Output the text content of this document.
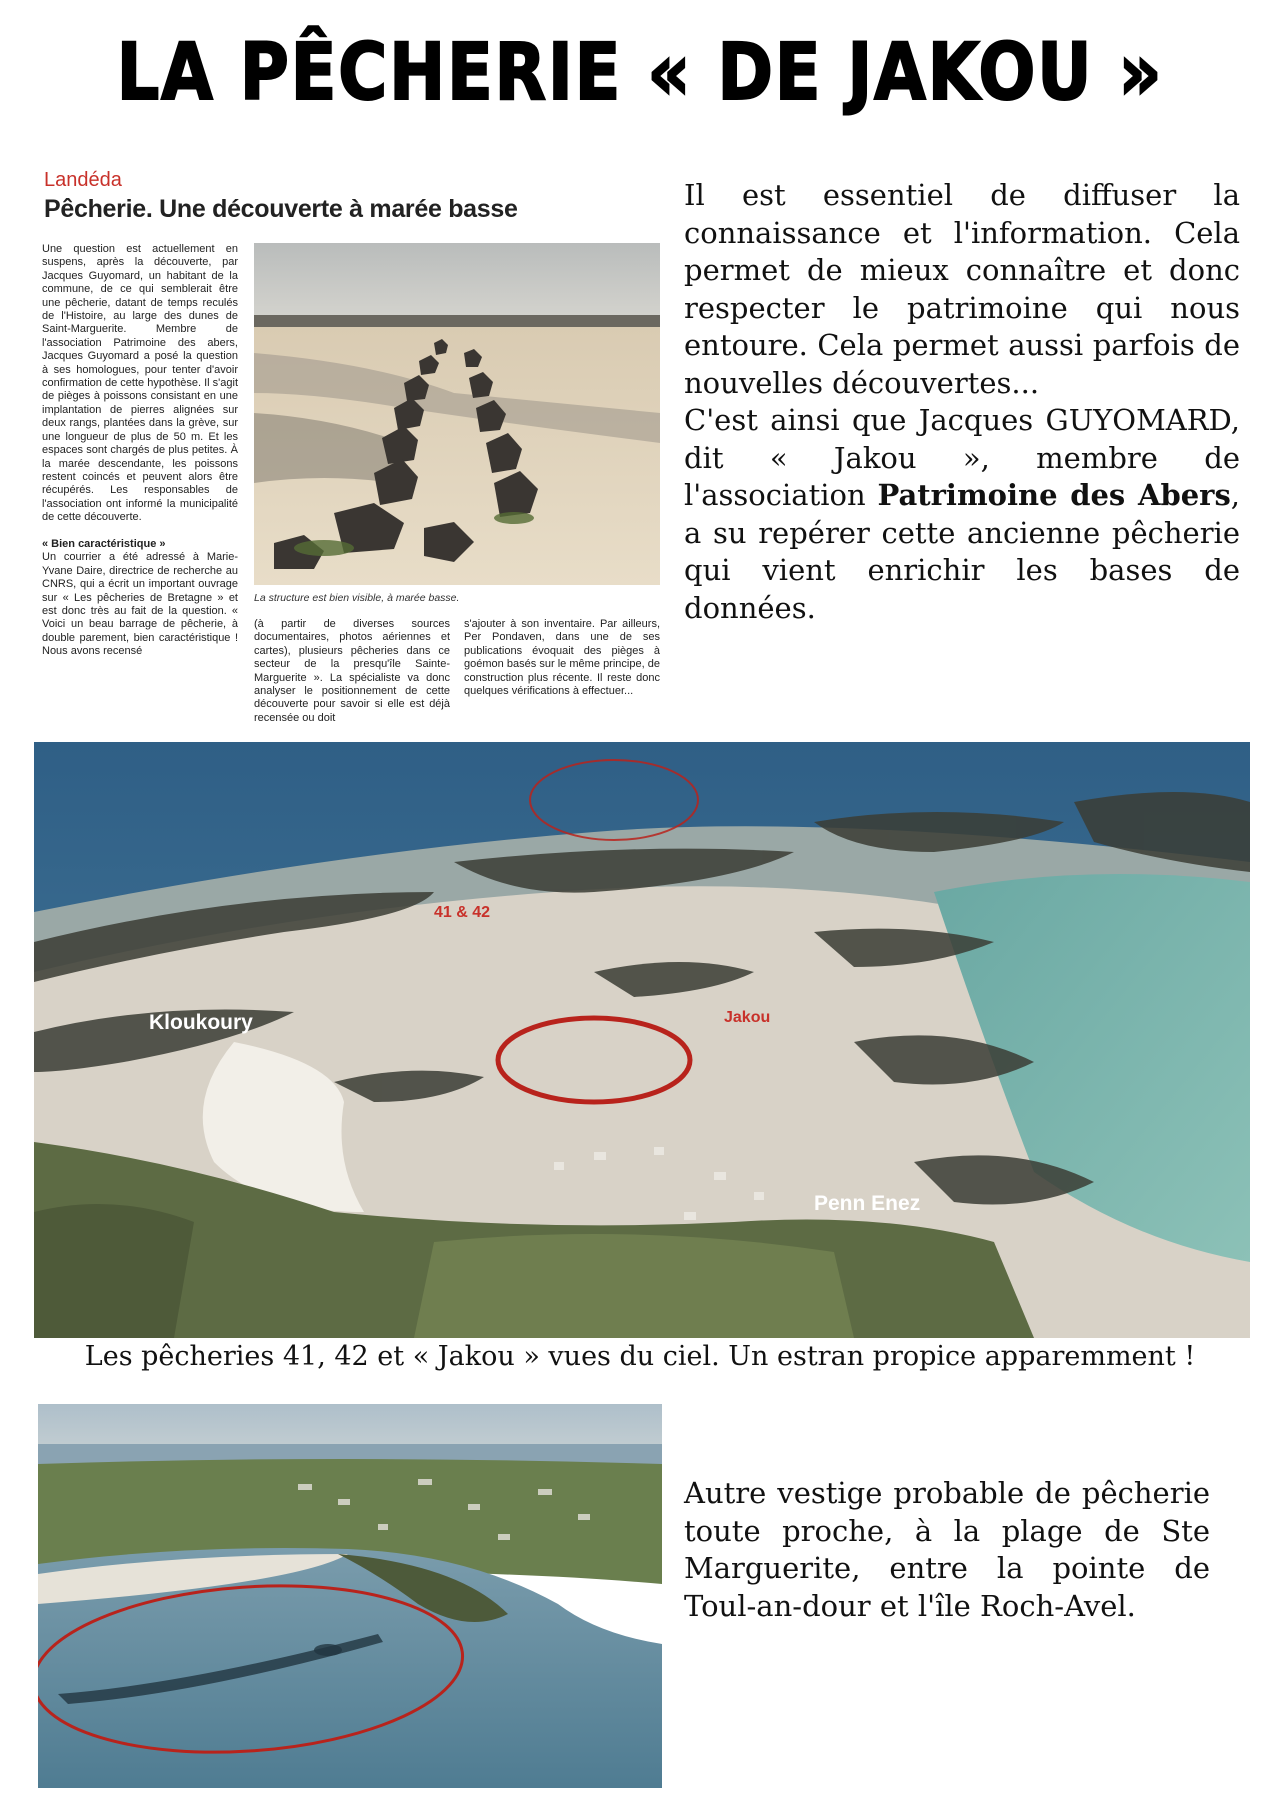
LA PÊCHERIE « DE JAKOU »
Landéda
Pêcherie. Une découverte à marée basse
Une question est actuellement en suspens, après la découverte, par Jacques Guyomard, un habitant de la commune, de ce qui semblerait être une pêcherie, datant de temps reculés de l'Histoire, au large des dunes de Saint-Marguerite. Membre de l'association Patrimoine des abers, Jacques Guyomard a posé la question à ses homologues, pour tenter d'avoir confirmation de cette hypothèse. Il s'agit de pièges à poissons consistant en une implantation de pierres alignées sur deux rangs, plantées dans la grève, sur une longueur de plus de 50 m. Et les espaces sont chargés de plus petites. À la marée descendante, les poissons restent coincés et peuvent alors être récupérés. Les responsables de l'association ont informé la municipalité de cette découverte.

« Bien caractéristique »
Un courrier a été adressé à Marie-Yvane Daire, directrice de recherche au CNRS, qui a écrit un important ouvrage sur « Les pêcheries de Bretagne » et est donc très au fait de la question. « Voici un beau barrage de pêcherie, à double parement, bien caractéristique ! Nous avons recensé
La structure est bien visible, à marée basse.
(à partir de diverses sources documentaires, photos aériennes et cartes), plusieurs pêcheries dans ce secteur de la presqu'île Sainte-Marguerite ». La spécialiste va donc analyser le positionnement de cette découverte pour savoir si elle est déjà recensée ou doit
s'ajouter à son inventaire. Par ailleurs, Per Pondaven, dans une de ses publications évoquait des pièges à goémon basés sur le même principe, de construction plus récente. Il reste donc quelques vérifications à effectuer...

Il est essentiel de diffuser la connaissance et l'information. Cela permet de mieux connaître et donc respecter le patrimoine qui nous entoure. Cela permet aussi parfois de nouvelles découvertes...

C'est ainsi que Jacques GUYOMARD, dit « Jakou », membre de l'association Patrimoine des Abers, a su repérer cette ancienne pêcherie qui vient enrichir les bases de données.

41 & 42
Jakou
Kloukoury
Penn Enez
Les pêcheries 41, 42 et « Jakou » vues du ciel. Un estran propice apparemment !
Autre vestige probable de pêcherie toute proche, à la plage de Ste Marguerite, entre la pointe de Toul-an-dour et l'île Roch-Avel.
